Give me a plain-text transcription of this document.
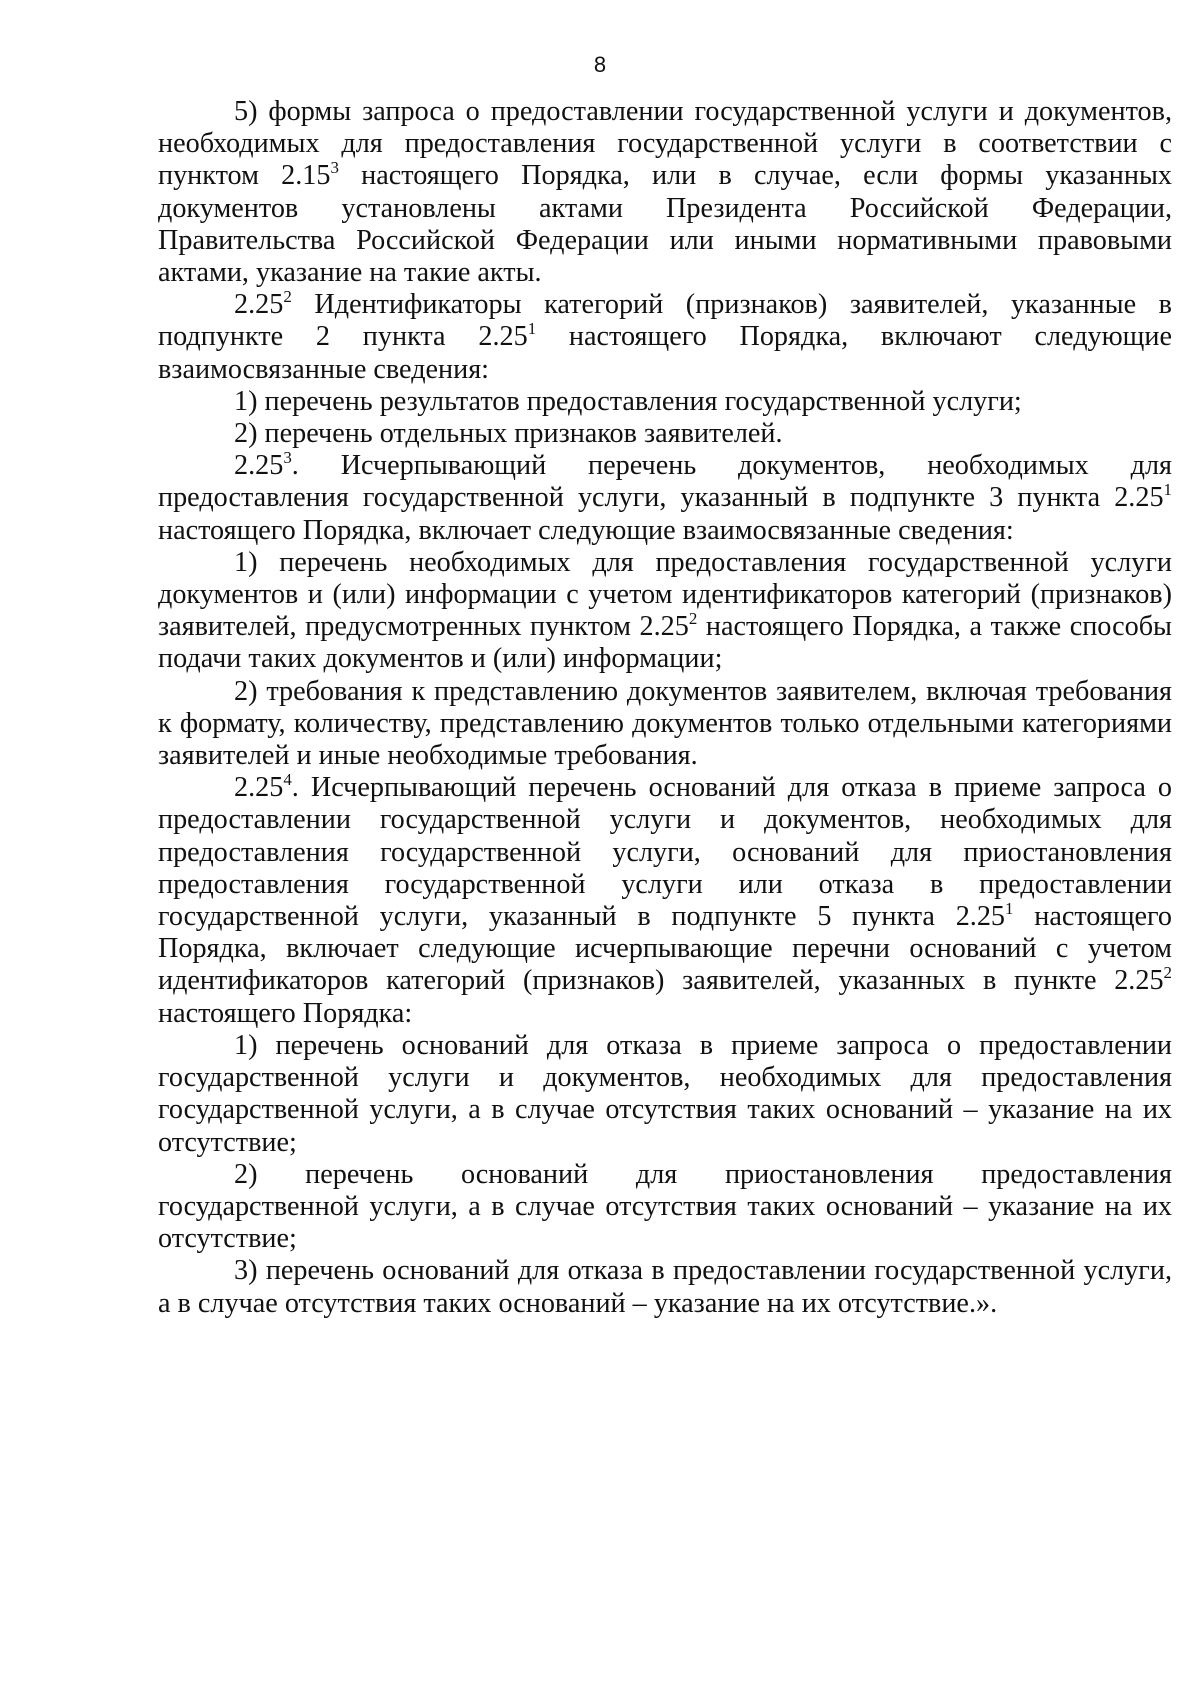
8

5) формы запроса о предоставлении государственной услуги и документов, необходимых для предоставления государственной услуги в соответствии с пунктом 2.15$^3$ настоящего Порядка, или в случае, если формы указанных документов установлены актами Президента Российской Федерации, Правительства Российской Федерации или иными нормативными правовыми актами, указание на такие акты.

2.25$^2$ Идентификаторы категорий (признаков) заявителей, указанные в подпункте 2 пункта 2.25$^1$ настоящего Порядка, включают следующие взаимосвязанные сведения:

1) перечень результатов предоставления государственной услуги;

2) перечень отдельных признаков заявителей.

2.25$^3$. Исчерпывающий перечень документов, необходимых для предоставления государственной услуги, указанный в подпункте 3 пункта 2.25$^1$ настоящего Порядка, включает следующие взаимосвязанные сведения:

1) перечень необходимых для предоставления государственной услуги документов и (или) информации с учетом идентификаторов категорий (признаков) заявителей, предусмотренных пунктом 2.25$^2$ настоящего Порядка, а также способы подачи таких документов и (или) информации;

2) требования к представлению документов заявителем, включая требования к формату, количеству, представлению документов только отдельными категориями заявителей и иные необходимые требования.

2.25$^4$. Исчерпывающий перечень оснований для отказа в приеме запроса о предоставлении государственной услуги и документов, необходимых для предоставления государственной услуги, оснований для приостановления предоставления государственной услуги или отказа в предоставлении государственной услуги, указанный в подпункте 5 пункта 2.25$^1$ настоящего Порядка, включает следующие исчерпывающие перечни оснований с учетом идентификаторов категорий (признаков) заявителей, указанных в пункте 2.25$^2$ настоящего Порядка:

1) перечень оснований для отказа в приеме запроса о предоставлении государственной услуги и документов, необходимых для предоставления государственной услуги, а в случае отсутствия таких оснований – указание на их отсутствие;

2) перечень оснований для приостановления предоставления государственной услуги, а в случае отсутствия таких оснований – указание на их отсутствие;

3) перечень оснований для отказа в предоставлении государственной услуги, а в случае отсутствия таких оснований – указание на их отсутствие.».
